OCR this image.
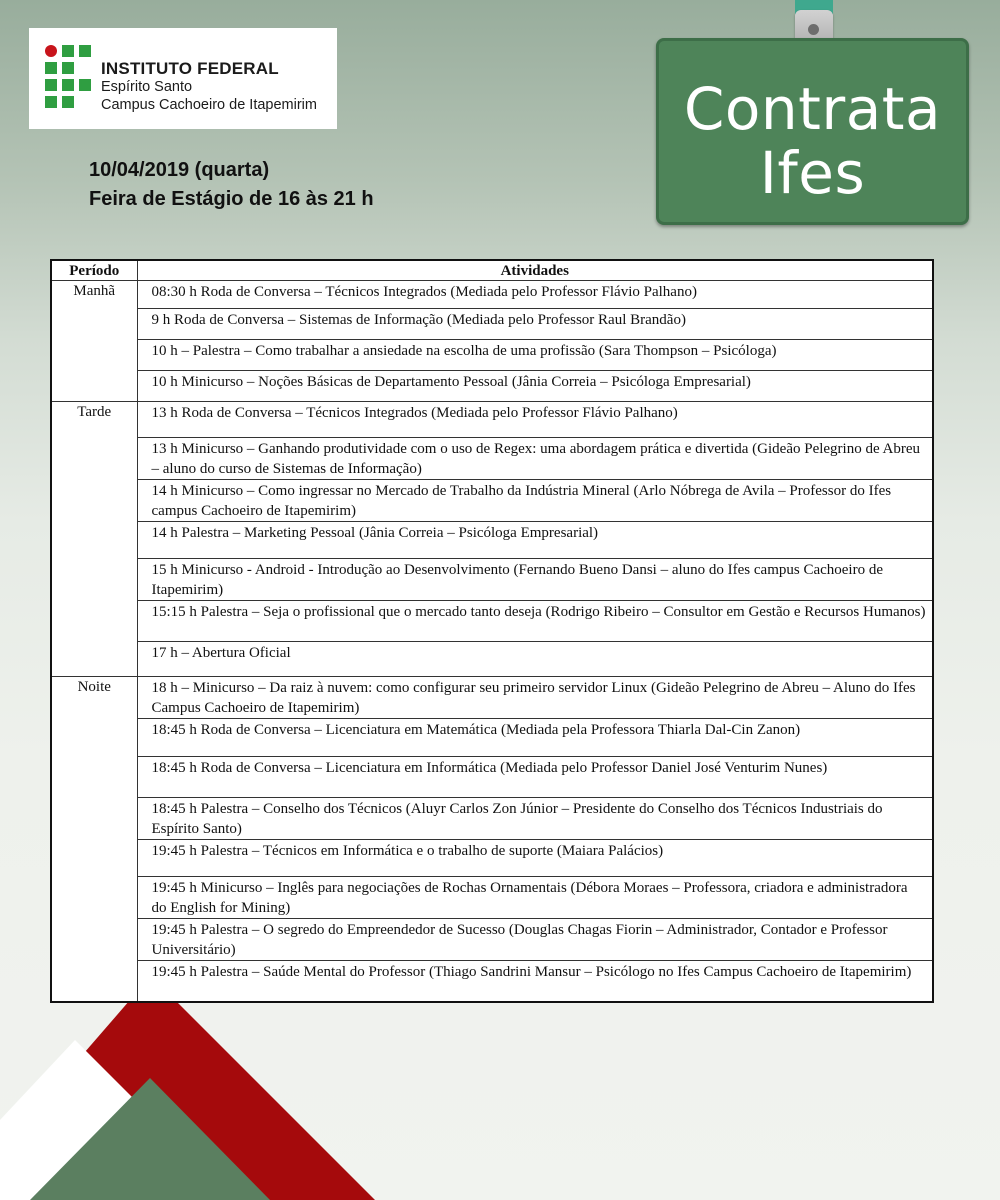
INSTITUTO FEDERAL
Espírito Santo
Campus Cachoeiro de Itapemirim
10/04/2019 (quarta)
Feira de Estágio de 16 às 21 h
Contrata
Ifes
Período	Atividades
Manhã	08:30 h Roda de Conversa – Técnicos Integrados (Mediada pelo Professor Flávio Palhano)
	9 h Roda de Conversa – Sistemas de Informação (Mediada pelo Professor Raul Brandão)
	10 h – Palestra – Como trabalhar a ansiedade na escolha de uma profissão (Sara Thompson – Psicóloga)
	10 h Minicurso – Noções Básicas de Departamento Pessoal (Jânia Correia – Psicóloga Empresarial)
Tarde	13 h Roda de Conversa – Técnicos Integrados (Mediada pelo Professor Flávio Palhano)
	13 h Minicurso – Ganhando produtividade com o uso de Regex: uma abordagem prática e divertida (Gideão Pelegrino de Abreu – aluno do curso de Sistemas de Informação)
	14 h Minicurso – Como ingressar no Mercado de Trabalho da Indústria Mineral (Arlo Nóbrega de Avila – Professor do Ifes campus Cachoeiro de Itapemirim)
	14 h Palestra – Marketing Pessoal (Jânia Correia – Psicóloga Empresarial)
	15 h Minicurso - Android - Introdução ao Desenvolvimento (Fernando Bueno Dansi – aluno do Ifes campus Cachoeiro de Itapemirim)
	15:15 h Palestra – Seja o profissional que o mercado tanto deseja (Rodrigo Ribeiro – Consultor em Gestão e Recursos Humanos)
	17 h – Abertura Oficial
Noite	18 h – Minicurso – Da raiz à nuvem: como configurar seu primeiro servidor Linux (Gideão Pelegrino de Abreu – Aluno do Ifes Campus Cachoeiro de Itapemirim)
	18:45 h Roda de Conversa – Licenciatura em Matemática (Mediada pela Professora Thiarla Dal-Cin Zanon)
	18:45 h Roda de Conversa – Licenciatura em Informática (Mediada pelo Professor Daniel José Venturim Nunes)
	18:45 h Palestra – Conselho dos Técnicos (Aluyr Carlos Zon Júnior – Presidente do Conselho dos Técnicos Industriais do Espírito Santo)
	19:45 h Palestra – Técnicos em Informática e o trabalho de suporte (Maiara Palácios)
	19:45 h Minicurso – Inglês para negociações de Rochas Ornamentais (Débora Moraes – Professora, criadora e administradora do English for Mining)
	19:45 h Palestra – O segredo do Empreendedor de Sucesso (Douglas Chagas Fiorin – Administrador, Contador e Professor Universitário)
	19:45 h Palestra – Saúde Mental do Professor (Thiago Sandrini Mansur – Psicólogo no Ifes Campus Cachoeiro de Itapemirim)
